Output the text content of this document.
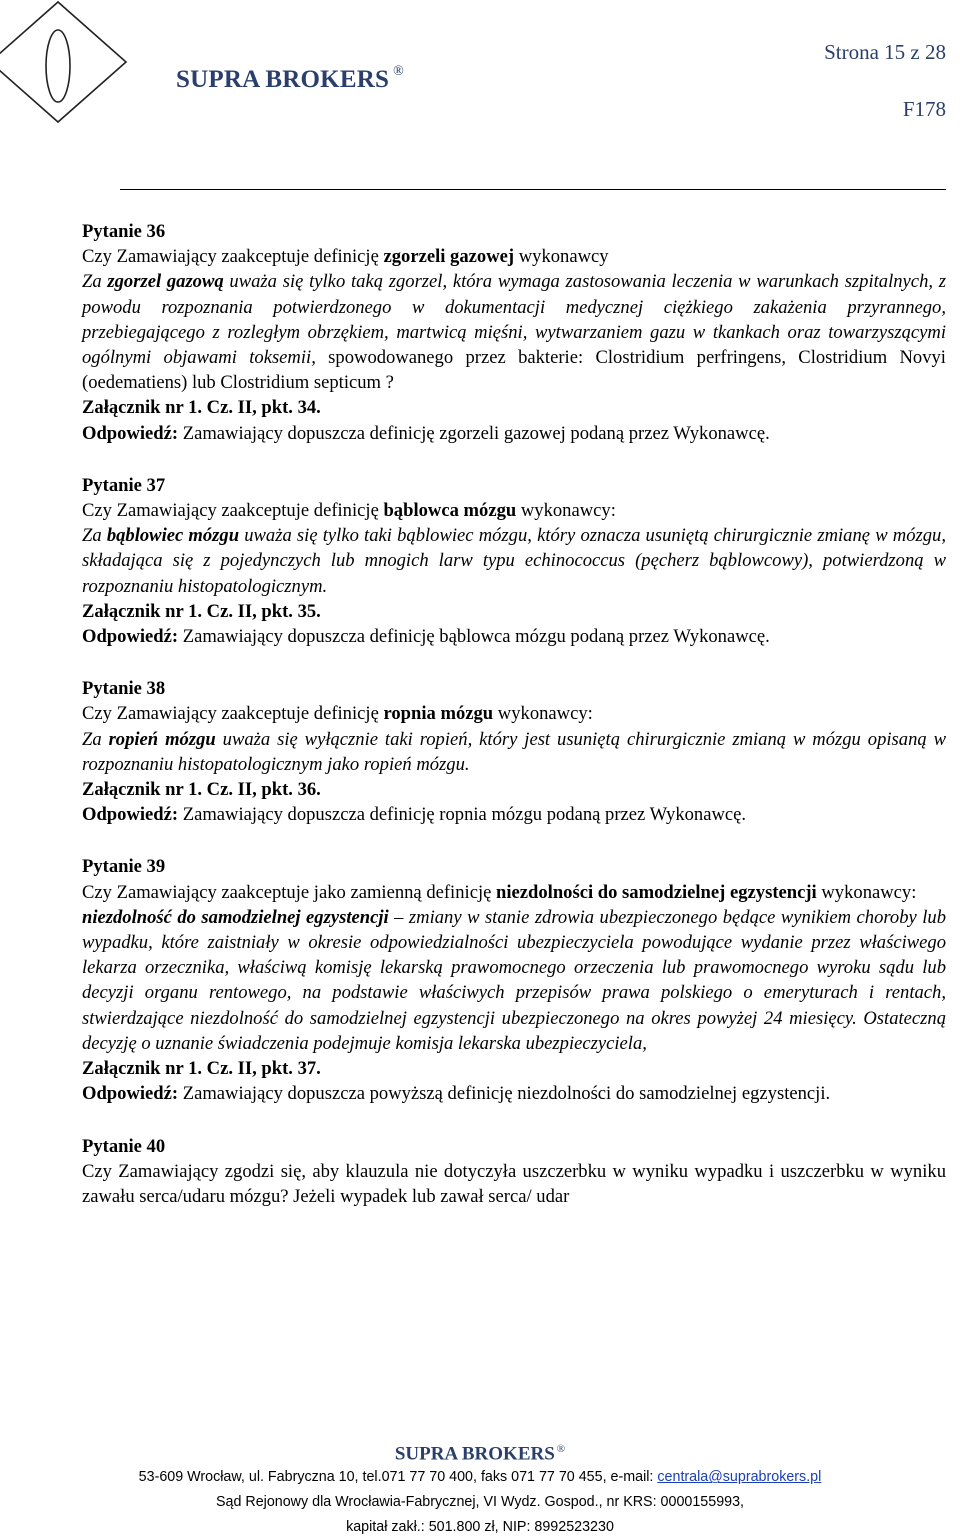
SUPRA BROKERS ®
Strona 15 z 28
F178

Pytanie 36

Czy Zamawiający zaakceptuje definicję zgorzeli gazowej wykonawcy

Za zgorzel gazową uważa się tylko taką zgorzel, która wymaga zastosowania leczenia w warunkach szpitalnych, z powodu rozpoznania potwierdzonego w dokumentacji medycznej ciężkiego zakażenia przyrannego, przebiegającego z rozległym obrzękiem, martwicą mięśni, wytwarzaniem gazu w tkankach oraz towarzyszącymi ogólnymi objawami toksemii, spowodowanego przez bakterie: Clostridium perfringens, Clostridium Novyi (oedematiens) lub Clostridium septicum ?

Załącznik nr 1. Cz. II, pkt. 34.

Odpowiedź: Zamawiający dopuszcza definicję zgorzeli gazowej podaną przez Wykonawcę.

Pytanie 37

Czy Zamawiający zaakceptuje definicję bąblowca mózgu wykonawcy:

Za bąblowiec mózgu uważa się tylko taki bąblowiec mózgu, który oznacza usuniętą chirurgicznie zmianę w mózgu, składająca się z pojedynczych lub mnogich larw typu echinococcus (pęcherz bąblowcowy), potwierdzoną w rozpoznaniu histopatologicznym.

Załącznik nr 1. Cz. II, pkt. 35.

Odpowiedź: Zamawiający dopuszcza definicję bąblowca mózgu podaną przez Wykonawcę.

Pytanie 38

Czy Zamawiający zaakceptuje definicję ropnia mózgu wykonawcy:

Za ropień mózgu uważa się wyłącznie taki ropień, który jest usuniętą chirurgicznie zmianą w mózgu opisaną w rozpoznaniu histopatologicznym jako ropień mózgu.

Załącznik nr 1. Cz. II, pkt. 36.

Odpowiedź: Zamawiający dopuszcza definicję ropnia mózgu podaną przez Wykonawcę.

Pytanie 39

Czy Zamawiający zaakceptuje jako zamienną definicję niezdolności do samodzielnej egzystencji wykonawcy:

niezdolność do samodzielnej egzystencji – zmiany w stanie zdrowia ubezpieczonego będące wynikiem choroby lub wypadku, które zaistniały w okresie odpowiedzialności ubezpieczyciela powodujące wydanie przez właściwego lekarza orzecznika, właściwą komisję lekarską prawomocnego orzeczenia lub prawomocnego wyroku sądu lub decyzji organu rentowego, na podstawie właściwych przepisów prawa polskiego o emeryturach i rentach, stwierdzające niezdolność do samodzielnej egzystencji ubezpieczonego na okres powyżej 24 miesięcy. Ostateczną decyzję o uznanie świadczenia podejmuje komisja lekarska ubezpieczyciela,

Załącznik nr 1. Cz. II, pkt. 37.

Odpowiedź: Zamawiający dopuszcza powyższą definicję niezdolności do samodzielnej egzystencji.

Pytanie 40

Czy Zamawiający zgodzi się, aby klauzula nie dotyczyła uszczerbku w wyniku wypadku i uszczerbku w wyniku zawału serca/udaru mózgu? Jeżeli wypadek lub zawał serca/ udar

SUPRA BROKERS ®
53-609 Wrocław, ul. Fabryczna 10, tel.071 77 70 400, faks 071 77 70 455, e-mail: centrala@suprabrokers.pl
Sąd Rejonowy dla Wrocławia-Fabrycznej, VI Wydz. Gospod., nr KRS: 0000155993,
kapitał zakł.: 501.800 zł, NIP: 8992523230
